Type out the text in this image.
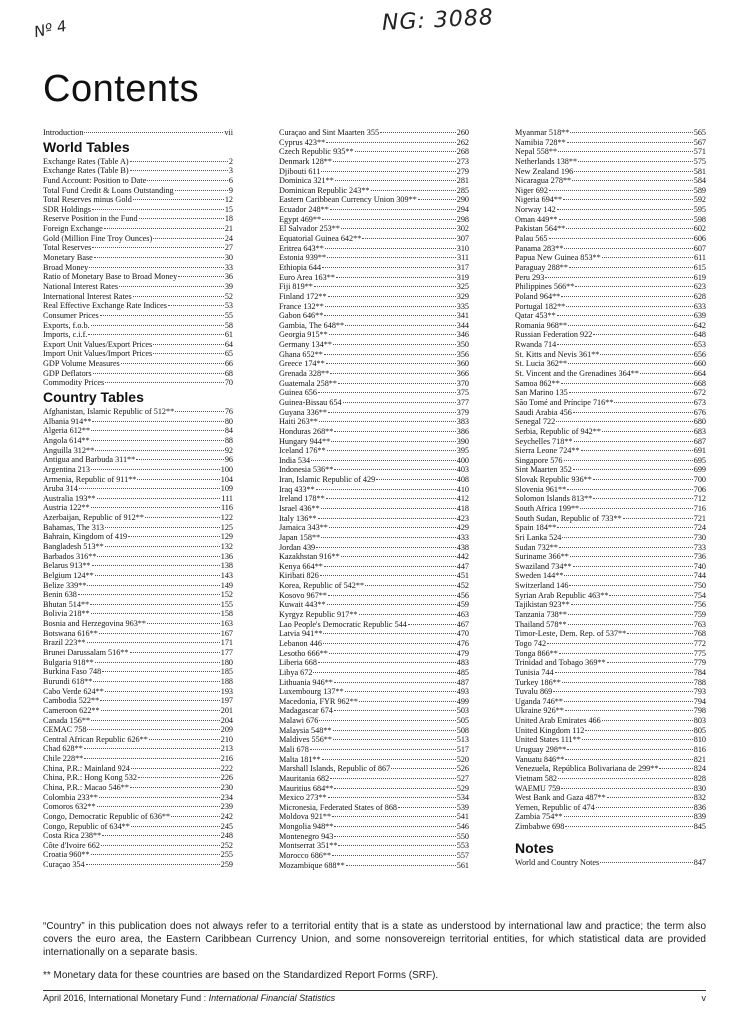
Nº 4	NG: 3088
Contents
Introduction	vii
World Tables
Exchange Rates (Table A)	2
Exchange Rates (Table B)	3
Fund Account: Position to Date	6
Total Fund Credit & Loans Outstanding	9
Total Reserves minus Gold	12
SDR Holdings	15
Reserve Position in the Fund	18
Foreign Exchange	21
Gold (Million Fine Troy Ounces)	24
Total Reserves	27
Monetary Base	30
Broad Money	33
Ratio of Monetary Base to Broad Money	36
National Interest Rates	39
International Interest Rates	52
Real Effective Exchange Rate Indices	53
Consumer Prices	55
Exports, f.o.b.	58
Imports, c.i.f.	61
Export Unit Values/Export Prices	64
Import Unit Values/Import Prices	65
GDP Volume Measures	66
GDP Deflators	68
Commodity Prices	70
Country Tables
Afghanistan, Islamic Republic of 512**	76
Albania 914**	80
Algeria 612**	84
Angola 614**	88
Anguilla 312**	92
Antigua and Barbuda 311**	96
Argentina 213	100
Armenia, Republic of 911**	104
Aruba 314	109
Australia 193**	111
Austria 122**	116
Azerbaijan, Republic of 912**	122
Bahamas, The 313	125
Bahrain, Kingdom of 419	129
Bangladesh 513**	132
Barbados 316**	136
Belarus 913**	138
Belgium 124**	143
Belize 339**	149
Benin 638	152
Bhutan 514**	155
Bolivia 218**	158
Bosnia and Herzegovina 963**	163
Botswana 616**	167
Brazil 223**	171
Brunei Darussalam 516**	177
Bulgaria 918**	180
Burkina Faso 748	185
Burundi 618**	188
Cabo Verde 624**	193
Cambodia 522**	197
Cameroon 622**	201
Canada 156**	204
CEMAC 758	209
Central African Republic 626**	210
Chad 628**	213
Chile 228**	216
China, P.R.: Mainland 924	222
China, P.R.: Hong Kong 532	226
China, P.R.: Macao 546**	230
Colombia 233**	234
Comoros 632**	239
Congo, Democratic Republic of 636**	242
Congo, Republic of 634**	245
Costa Rica 238**	248
Côte d'Ivoire 662	252
Croatia 960**	255
Curaçao 354	259
Curaçao and Sint Maarten 355	260
Cyprus 423**	262
Czech Republic 935**	268
Denmark 128**	273
Djibouti 611	279
Dominica 321**	281
Dominican Republic 243**	285
Eastern Caribbean Currency Union 309**	290
Ecuador 248**	294
Egypt 469**	298
El Salvador 253**	302
Equatorial Guinea 642**	307
Eritrea 643**	310
Estonia 939**	311
Ethiopia 644	317
Euro Area 163**	319
Fiji 819**	325
Finland 172**	329
France 132**	335
Gabon 646**	341
Gambia, The 648**	344
Georgia 915**	346
Germany 134**	350
Ghana 652**	356
Greece 174**	360
Grenada 328**	366
Guatemala 258**	370
Guinea 656	375
Guinea-Bissau 654	377
Guyana 336**	379
Haiti 263**	383
Honduras 268**	386
Hungary 944**	390
Iceland 176**	395
India 534	400
Indonesia 536**	403
Iran, Islamic Republic of 429	408
Iraq 433**	410
Ireland 178**	412
Israel 436**	418
Italy 136**	423
Jamaica 343**	429
Japan 158**	433
Jordan 439	438
Kazakhstan 916**	442
Kenya 664**	447
Kiribati 826	451
Korea, Republic of 542**	452
Kosovo 967**	456
Kuwait 443**	459
Kyrgyz Republic 917**	463
Lao People's Democratic Republic 544	467
Latvia 941**	470
Lebanon 446	476
Lesotho 666**	479
Liberia 668	483
Libya 672	485
Lithuania 946**	487
Luxembourg 137**	493
Macedonia, FYR 962**	499
Madagascar 674	503
Malawi 676	505
Malaysia 548**	508
Maldives 556**	513
Mali 678	517
Malta 181**	520
Marshall Islands, Republic of 867	526
Mauritania 682	527
Mauritius 684**	529
Mexico 273**	534
Micronesia, Federated States of 868	539
Moldova 921**	541
Mongolia 948**	546
Montenegro 943	550
Montserrat 351**	553
Morocco 686**	557
Mozambique 688**	561
Myanmar 518**	565
Namibia 728**	567
Nepal 558**	571
Netherlands 138**	575
New Zealand 196	581
Nicaragua 278**	584
Niger 692	589
Nigeria 694**	592
Norway 142	595
Oman 449**	598
Pakistan 564**	602
Palau 565	606
Panama 283**	607
Papua New Guinea 853**	611
Paraguay 288**	615
Peru 293	619
Philippines 566**	623
Poland 964**	628
Portugal 182**	633
Qatar 453**	639
Romania 968**	642
Russian Federation 922	648
Rwanda 714	653
St. Kitts and Nevis 361**	656
St. Lucia 362**	660
St. Vincent and the Grenadines 364**	664
Samoa 862**	668
San Marino 135	672
São Tomé and Príncipe 716**	673
Saudi Arabia 456	676
Senegal 722	680
Serbia, Republic of 942**	683
Seychelles 718**	687
Sierra Leone 724**	691
Singapore 576	695
Sint Maarten 352	699
Slovak Republic 936**	700
Slovenia 961**	706
Solomon Islands 813**	712
South Africa 199**	716
South Sudan, Republic of 733**	721
Spain 184**	724
Sri Lanka 524	730
Sudan 732**	733
Suriname 366**	736
Swaziland 734**	740
Sweden 144**	744
Switzerland 146	750
Syrian Arab Republic 463**	754
Tajikistan 923**	756
Tanzania 738**	759
Thailand 578**	763
Timor-Leste, Dem. Rep. of 537**	768
Togo 742	772
Tonga 866**	775
Trinidad and Tobago 369**	779
Tunisia 744	784
Turkey 186**	788
Tuvalu 869	793
Uganda 746**	794
Ukraine 926**	798
United Arab Emirates 466	803
United Kingdom 112	805
United States 111**	810
Uruguay 298**	816
Vanuatu 846**	821
Venezuela, República Bolivariana de 299**	824
Vietnam 582	828
WAEMU 759	830
West Bank and Gaza 487**	832
Yemen, Republic of 474	836
Zambia 754**	839
Zimbabwe 698	845
Notes
World and Country Notes	847

“Country” in this publication does not always refer to a territorial entity that is a state as understood by international law and practice; the term also covers the euro area, the Eastern Caribbean Currency Union, and some nonsovereign territorial entities, for which statistical data are provided internationally on a separate basis.

** Monetary data for these countries are based on the Standardized Report Forms (SRF).

April 2016, International Monetary Fund : International Financial Statistics	v
